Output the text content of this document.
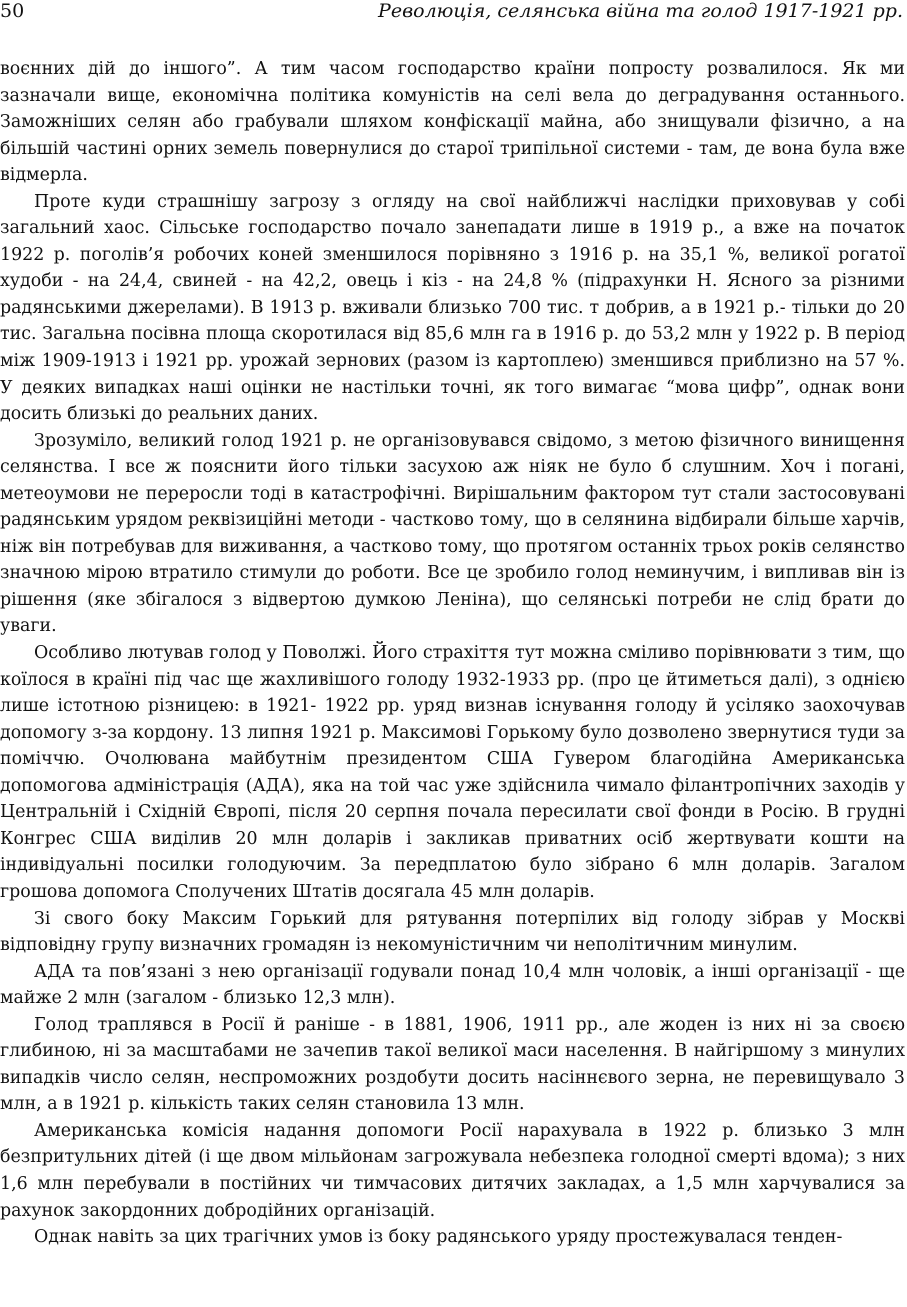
50	Революція, селянська війна та голод 1917-1921 рр.

воєнних дій до іншого”. А тим часом господарство країни попросту розвалилося. Як ми зазначали вище, економічна політика комуністів на селі вела до деградування останнього. Заможніших селян або грабували шляхом конфіскації майна, або знищували фізично, а на більшій частині орних земель повернулися до старої трипільної системи - там, де вона була вже відмерла.

Проте куди страшнішу загрозу з огляду на свої найближчі наслідки приховував у собі загальний хаос. Сільське господарство почало занепадати лише в 1919 р., а вже на початок 1922 р. поголів’я робочих коней зменшилося порівняно з 1916 р. на 35,1 %, великої рогатої худоби - на 24,4, свиней - на 42,2, овець і кіз - на 24,8 % (підрахунки Н. Ясного за різними радянськими джерелами). В 1913 р. вживали близько 700 тис. т добрив, а в 1921 р.- тільки до 20 тис. Загальна посівна площа скоротилася від 85,6 млн га в 1916 р. до 53,2 млн у 1922 р. В період між 1909-1913 і 1921 рр. урожай зернових (разом із картоплею) зменшився приблизно на 57 %. У деяких випадках наші оцінки не настільки точні, як того вимагає “мова цифр”, однак вони досить близькі до реальних даних.

Зрозуміло, великий голод 1921 р. не організовувався свідомо, з метою фізичного винищення селянства. І все ж пояснити його тільки засухою аж ніяк не було б слушним. Хоч і погані, метеоумови не переросли тоді в катастрофічні. Вирішальним фактором тут стали застосовувані радянським урядом реквізиційні методи - частково тому, що в селянина відбирали більше харчів, ніж він потребував для виживання, а частково тому, що протягом останніх трьох років селянство значною мірою втратило стимули до роботи. Все це зробило голод неминучим, і випливав він із рішення (яке збігалося з відвертою думкою Леніна), що селянські потреби не слід брати до уваги.

Особливо лютував голод у Поволжі. Його страхіття тут можна сміливо порівнювати з тим, що коїлося в країні під час ще жахливішого голоду 1932-1933 рр. (про це йтиметься далі), з однією лише істотною різницею: в 1921- 1922 рр. уряд визнав існування голоду й усіляко заохочував допомогу з-за кордону. 13 липня 1921 р. Максимові Горькому було дозволено звернутися туди за поміччю. Очолювана майбутнім президентом США Гувером благодійна Американська допомогова адміністрація (АДА), яка на той час уже здійснила чимало філантропічних заходів у Центральній і Східній Європі, після 20 серпня почала пересилати свої фонди в Росію. В грудні Конгрес США виділив 20 млн доларів і закликав приватних осіб жертвувати кошти на індивідуальні посилки голодуючим. За передплатою було зібрано 6 млн доларів. Загалом грошова допомога Сполучених Штатів досягала 45 млн доларів.

Зі свого боку Максим Горький для рятування потерпілих від голоду зібрав у Москві відповідну групу визначних громадян із некомуністичним чи неполітичним минулим.

АДА та пов’язані з нею організації годували понад 10,4 млн чоловік, а інші організації - ще майже 2 млн (загалом - близько 12,3 млн).

Голод траплявся в Росії й раніше - в 1881, 1906, 1911 рр., але жоден із них ні за своєю глибиною, ні за масштабами не зачепив такої великої маси населення. В найгіршому з минулих випадків число селян, неспроможних роздобути досить насіннєвого зерна, не перевищувало 3 млн, а в 1921 р. кількість таких селян становила 13 млн.

Американська комісія надання допомоги Росії нарахувала в 1922 р. близько 3 млн безпритульних дітей (і ще двом мільйонам загрожувала небезпека голодної смерті вдома); з них 1,6 млн перебували в постійних чи тимчасових дитячих закладах, а 1,5 млн харчувалися за рахунок закордонних добродійних організацій.

Однак навіть за цих трагічних умов із боку радянського уряду простежувалася тенден-
